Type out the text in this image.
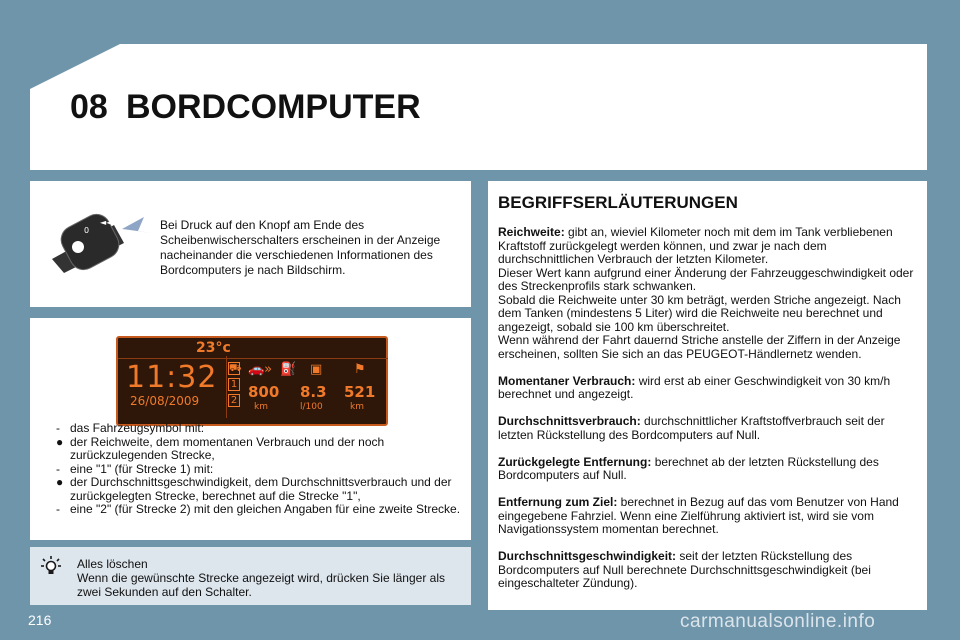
08 BORDCOMPUTER
0
◄◄	Bei Druck auf den Knopf am Ende des Scheibenwischerschalters erscheinen in der Anzeige nacheinander die verschiedenen Informationen des Bordcomputers je nach Bildschirm.
23°c
11:32
26/08/2009
⛟
1
2
🚗» ⛽ ▣ ⚑
800
km
8.3
l/100
521
km
- das Fahrzeugsymbol mit:
● der Reichweite, dem momentanen Verbrauch und der noch zurückzulegenden Strecke,
- eine "1" (für Strecke 1) mit:
● der Durchschnittsgeschwindigkeit, dem Durchschnittsverbrauch und der zurückgelegten Strecke, berechnet auf die Strecke "1",
- eine "2" (für Strecke 2) mit den gleichen Angaben für eine zweite Strecke.
Alles löschen
Wenn die gewünschte Strecke angezeigt wird, drücken Sie länger als zwei Sekunden auf den Schalter.
BEGRIFFSERLÄUTERUNGEN

Reichweite: gibt an, wieviel Kilometer noch mit dem im Tank verbliebenen Kraftstoff zurückgelegt werden können, und zwar je nach dem durchschnittlichen Verbrauch der letzten Kilometer.
Dieser Wert kann aufgrund einer Änderung der Fahrzeuggeschwindigkeit oder des Streckenprofils stark schwanken.
Sobald die Reichweite unter 30 km beträgt, werden Striche angezeigt. Nach dem Tanken (mindestens 5 Liter) wird die Reichweite neu berechnet und angezeigt, sobald sie 100 km überschreitet.
Wenn während der Fahrt dauernd Striche anstelle der Ziffern in der Anzeige erscheinen, sollten Sie sich an das PEUGEOT-Händlernetz wenden.

Momentaner Verbrauch: wird erst ab einer Geschwindigkeit von 30 km/h berechnet und angezeigt.

Durchschnittsverbrauch: durchschnittlicher Kraftstoffverbrauch seit der letzten Rückstellung des Bordcomputers auf Null.

Zurückgelegte Entfernung: berechnet ab der letzten Rückstellung des Bordcomputers auf Null.

Entfernung zum Ziel: berechnet in Bezug auf das vom Benutzer von Hand eingegebene Fahrziel. Wenn eine Zielführung aktiviert ist, wird sie vom Navigationssystem momentan berechnet.

Durchschnittsgeschwindigkeit: seit der letzten Rückstellung des Bordcomputers auf Null berechnete Durchschnittsgeschwindigkeit (bei eingeschalteter Zündung).

216	carmanualsonline.info
